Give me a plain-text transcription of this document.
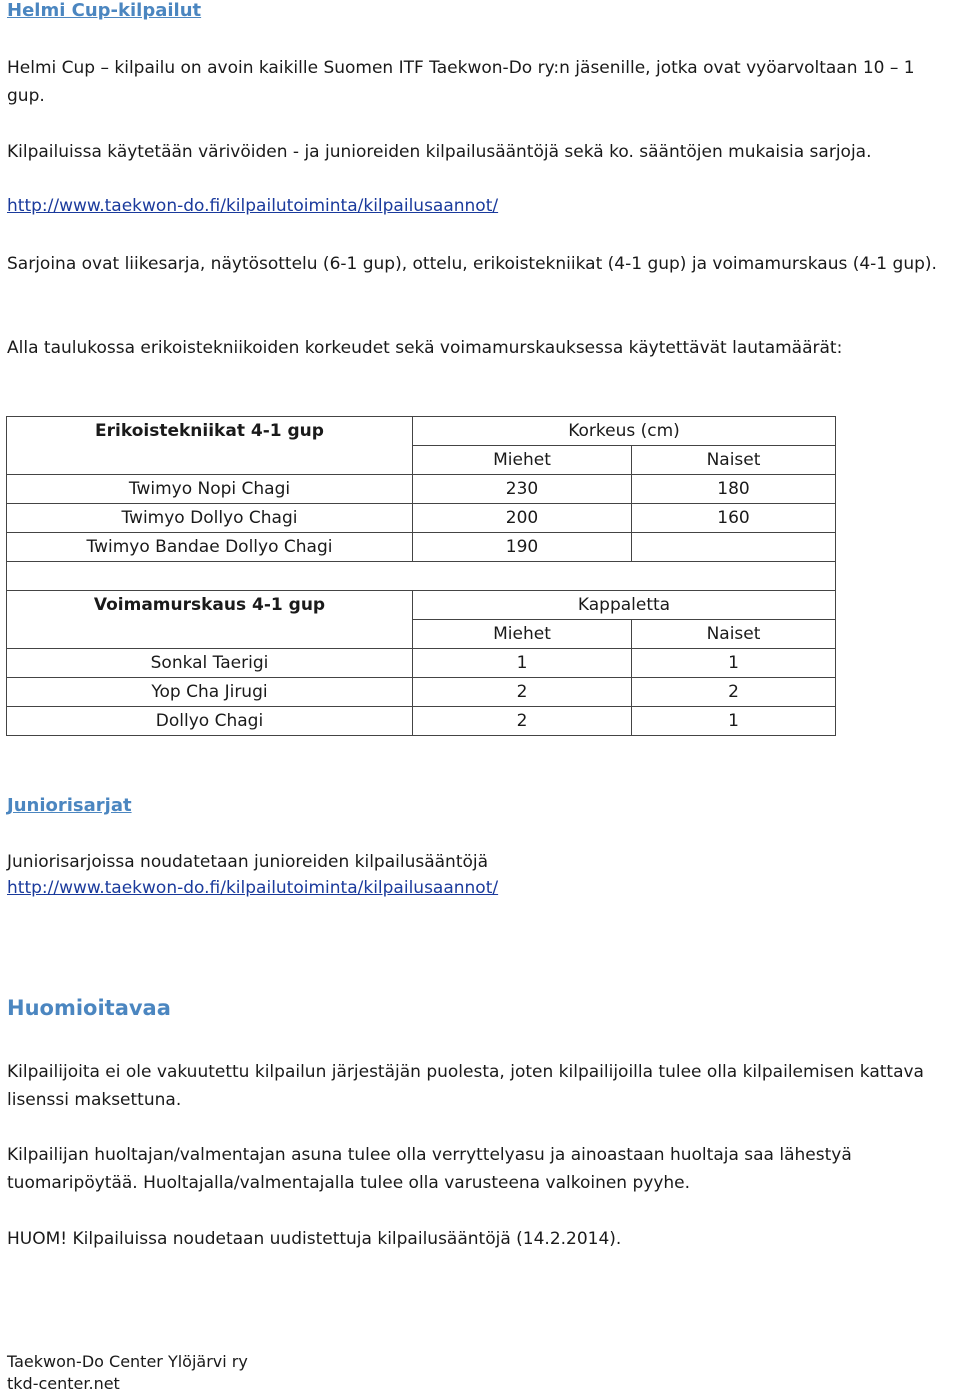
Helmi Cup-kilpailut

Helmi Cup – kilpailu on avoin kaikille Suomen ITF Taekwon-Do ry:n jäsenille, jotka ovat vyöarvoltaan 10 – 1 gup.

Kilpailuissa käytetään värivöiden - ja junioreiden kilpailusääntöjä sekä ko. sääntöjen mukaisia sarjoja.

http://www.taekwon-do.fi/kilpailutoiminta/kilpailusaannot/

Sarjoina ovat liikesarja, näytösottelu (6-1 gup), ottelu, erikoistekniikat (4-1 gup) ja voimamurskaus (4-1 gup).

Alla taulukossa erikoistekniikoiden korkeudet sekä voimamurskauksessa käytettävät lautamäärät:

Erikoistekniikat 4-1 gup	Korkeus (cm)	
	Miehet	Naiset
Twimyo Nopi Chagi	230	180
Twimyo Dollyo Chagi	200	160
Twimyo Bandae Dollyo Chagi	190	

Voimamurskaus 4-1 gup	Kappaletta	
	Miehet	Naiset
Sonkal Taerigi	1	1
Yop Cha Jirugi	2	2
Dollyo Chagi	2	1
Juniorisarjat

Juniorisarjoissa noudatetaan junioreiden kilpailusääntöjä

http://www.taekwon-do.fi/kilpailutoiminta/kilpailusaannot/
Huomioitavaa

Kilpailijoita ei ole vakuutettu kilpailun järjestäjän puolesta, joten kilpailijoilla tulee olla kilpailemisen kattava lisenssi maksettuna.

Kilpailijan huoltajan/valmentajan asuna tulee olla verryttelyasu ja ainoastaan huoltaja saa lähestyä tuomaripöytää. Huoltajalla/valmentajalla tulee olla varusteena valkoinen pyyhe.

HUOM! Kilpailuissa noudetaan uudistettuja kilpailusääntöjä (14.2.2014).

Taekwon-Do Center Ylöjärvi ry

tkd-center.net
